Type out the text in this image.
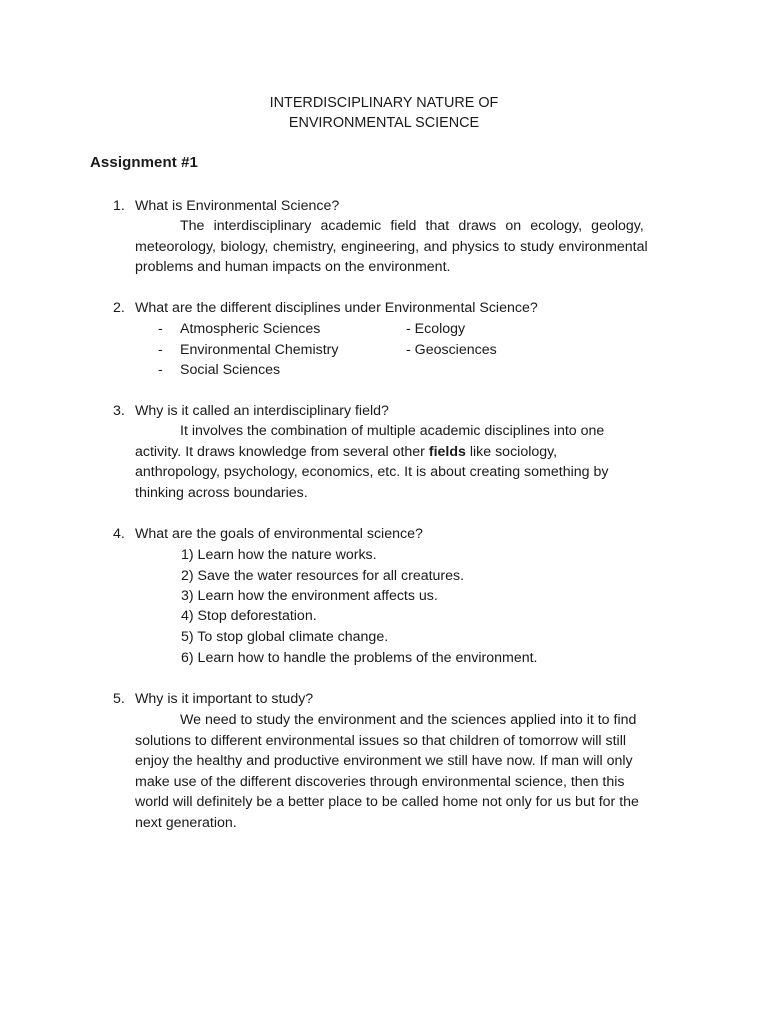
INTERDISCIPLINARY NATURE OF
ENVIRONMENTAL SCIENCE
Assignment #1
1. What is Environmental Science?
The interdisciplinary academic field that draws on ecology, geology,
meteorology, biology, chemistry, engineering, and physics to study environmental
problems and human impacts on the environment.
2. What are the different disciplines under Environmental Science?
- Atmospheric Sciences	- Ecology
- Environmental Chemistry	- Geosciences
- Social Sciences
3. Why is it called an interdisciplinary field?
It involves the combination of multiple academic disciplines into one
activity. It draws knowledge from several other fields like sociology,
anthropology, psychology, economics, etc. It is about creating something by
thinking across boundaries.
4. What are the goals of environmental science?
1) Learn how the nature works.
2) Save the water resources for all creatures.
3) Learn how the environment affects us.
4) Stop deforestation.
5) To stop global climate change.
6) Learn how to handle the problems of the environment.
5. Why is it important to study?
We need to study the environment and the sciences applied into it to find
solutions to different environmental issues so that children of tomorrow will still
enjoy the healthy and productive environment we still have now. If man will only
make use of the different discoveries through environmental science, then this
world will definitely be a better place to be called home not only for us but for the
next generation.
